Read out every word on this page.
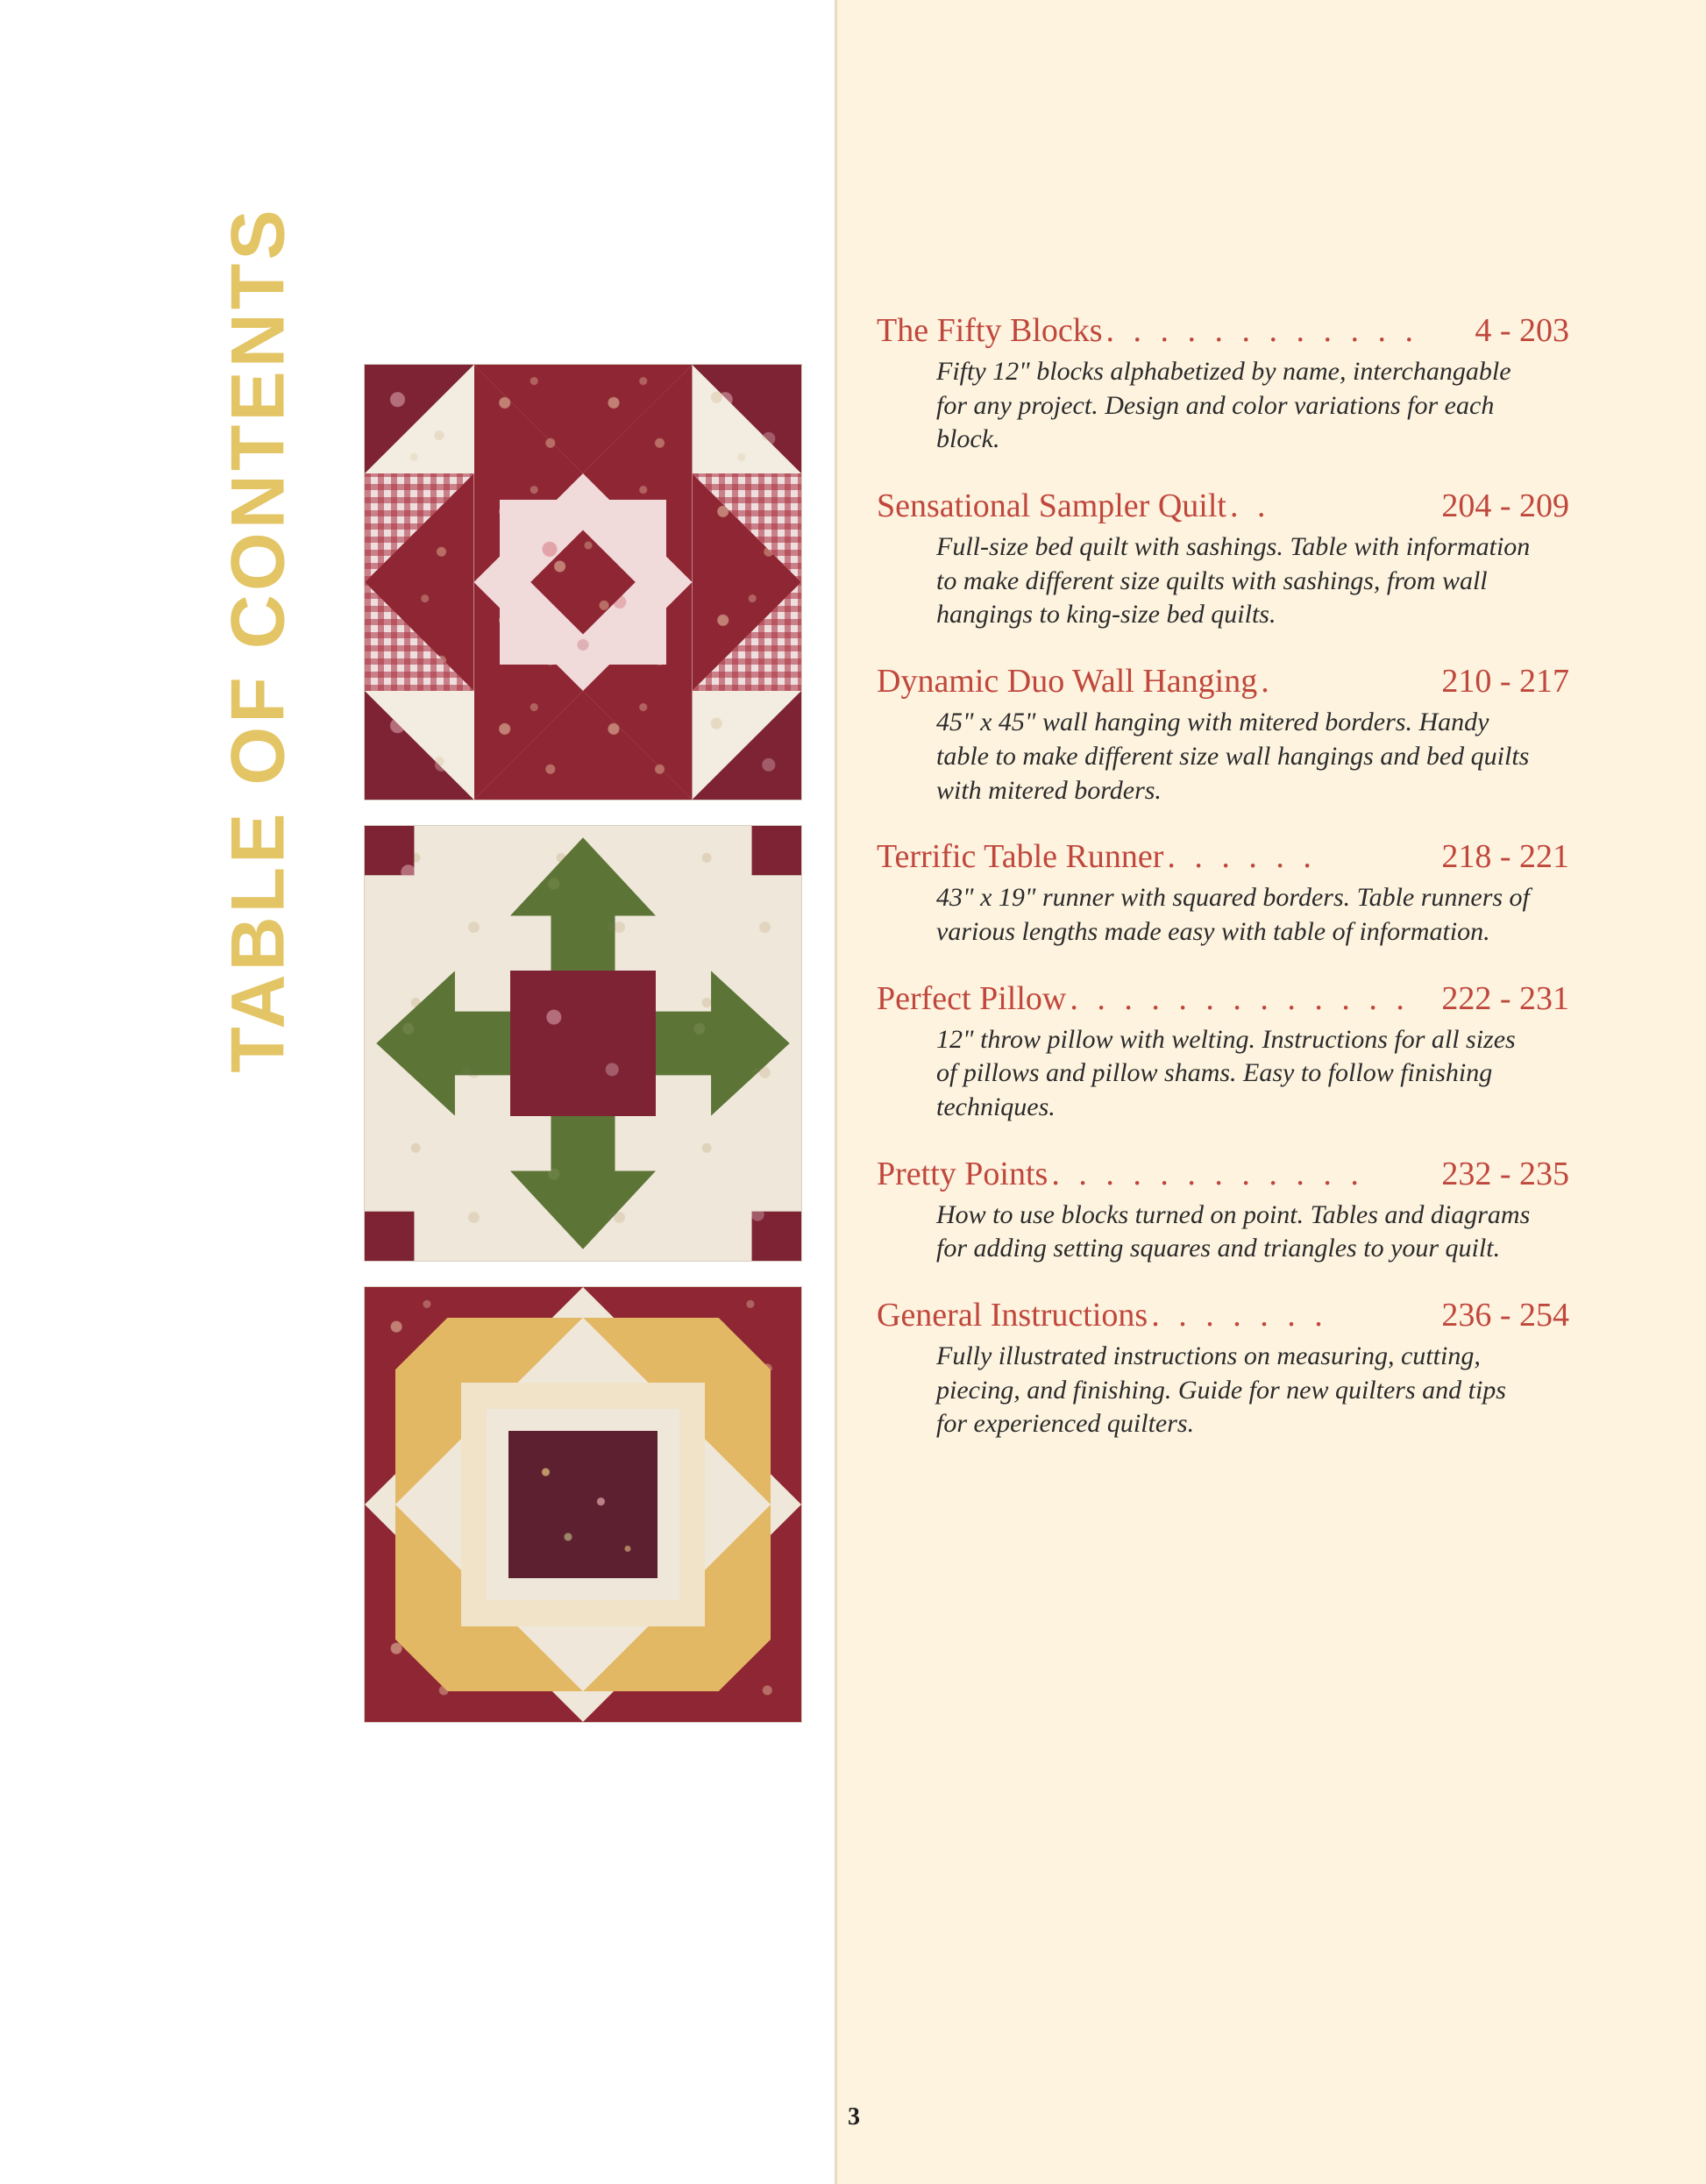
TABLE OF CONTENTS	The Fifty Blocks . . . . . . . . . . . .	4 - 203
Fifty 12" blocks alphabetized by name, interchangable for any project. Design and color variations for each block.
Sensational Sampler Quilt . .	204 - 209
Full-size bed quilt with sashings. Table with information to make different size quilts with sashings, from wall hangings to king-size bed quilts.
Dynamic Duo Wall Hanging .	210 - 217
45" x 45" wall hanging with mitered borders. Handy table to make different size wall hangings and bed quilts with mitered borders.
Terrific Table Runner . . . . . .	218 - 221
43" x 19" runner with squared borders. Table runners of various lengths made easy with table of information.
Perfect Pillow . . . . . . . . . . . . . 222 - 231
12" throw pillow with welting. Instructions for all sizes of pillows and pillow shams. Easy to follow finishing techniques.
Pretty Points . . . . . . . . . . . .	232 - 235
How to use blocks turned on point. Tables and diagrams for adding setting squares and triangles to your quilt.
General Instructions . . . . . . .	236 - 254
Fully illustrated instructions on measuring, cutting, piecing, and finishing. Guide for new quilters and tips for experienced quilters.
3
